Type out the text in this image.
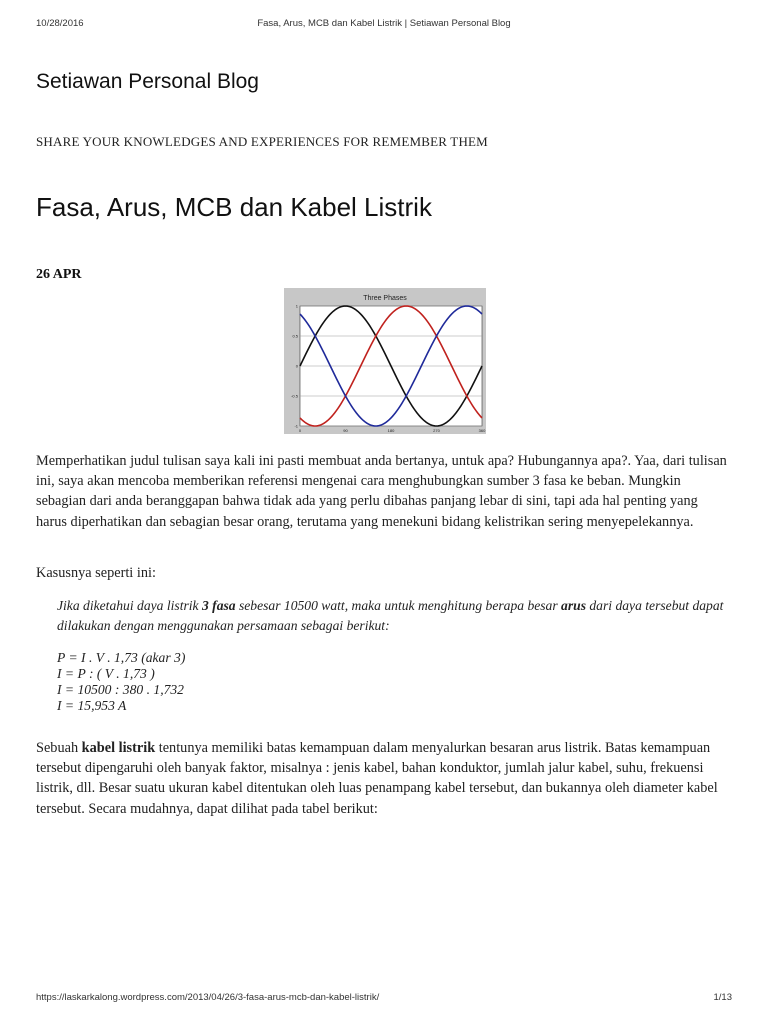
10/28/2016	Fasa, Arus, MCB dan Kabel Listrik | Setiawan Personal Blog
Setiawan Personal Blog

SHARE YOUR KNOWLEDGES AND EXPERIENCES FOR REMEMBER THEM

Fasa, Arus, MCB dan Kabel Listrik
26 APR
Three Phases
0	90	180	270	360
1
0.5
0
-0.5
-1

Memperhatikan judul tulisan saya kali ini pasti membuat anda bertanya, untuk apa? Hubungannya apa?. Yaa, dari tulisan ini, saya akan mencoba memberikan referensi mengenai cara menghubungkan sumber 3 fasa ke beban. Mungkin sebagian dari anda beranggapan bahwa tidak ada yang perlu dibahas panjang lebar di sini, tapi ada hal penting yang harus diperhatikan dan sebagian besar orang, terutama yang menekuni bidang kelistrikan sering menyepelekannya.

Kasusnya seperti ini:

Jika diketahui daya listrik 3 fasa sebesar 10500 watt, maka untuk menghitung berapa besar arus dari daya tersebut dapat dilakukan dengan menggunakan persamaan sebagai berikut:

P = I . V . 1,73 (akar 3)
I = P : ( V . 1,73 )
I = 10500 : 380 . 1,732
I = 15,953 A

Sebuah kabel listrik tentunya memiliki batas kemampuan dalam menyalurkan besaran arus listrik. Batas kemampuan tersebut dipengaruhi oleh banyak faktor, misalnya : jenis kabel, bahan konduktor, jumlah jalur kabel, suhu, frekuensi listrik, dll. Besar suatu ukuran kabel ditentukan oleh luas penampang kabel tersebut, dan bukannya oleh diameter kabel tersebut. Secara mudahnya, dapat dilihat pada tabel berikut:

https://laskarkalong.wordpress.com/2013/04/26/3-fasa-arus-mcb-dan-kabel-listrik/	1/13
